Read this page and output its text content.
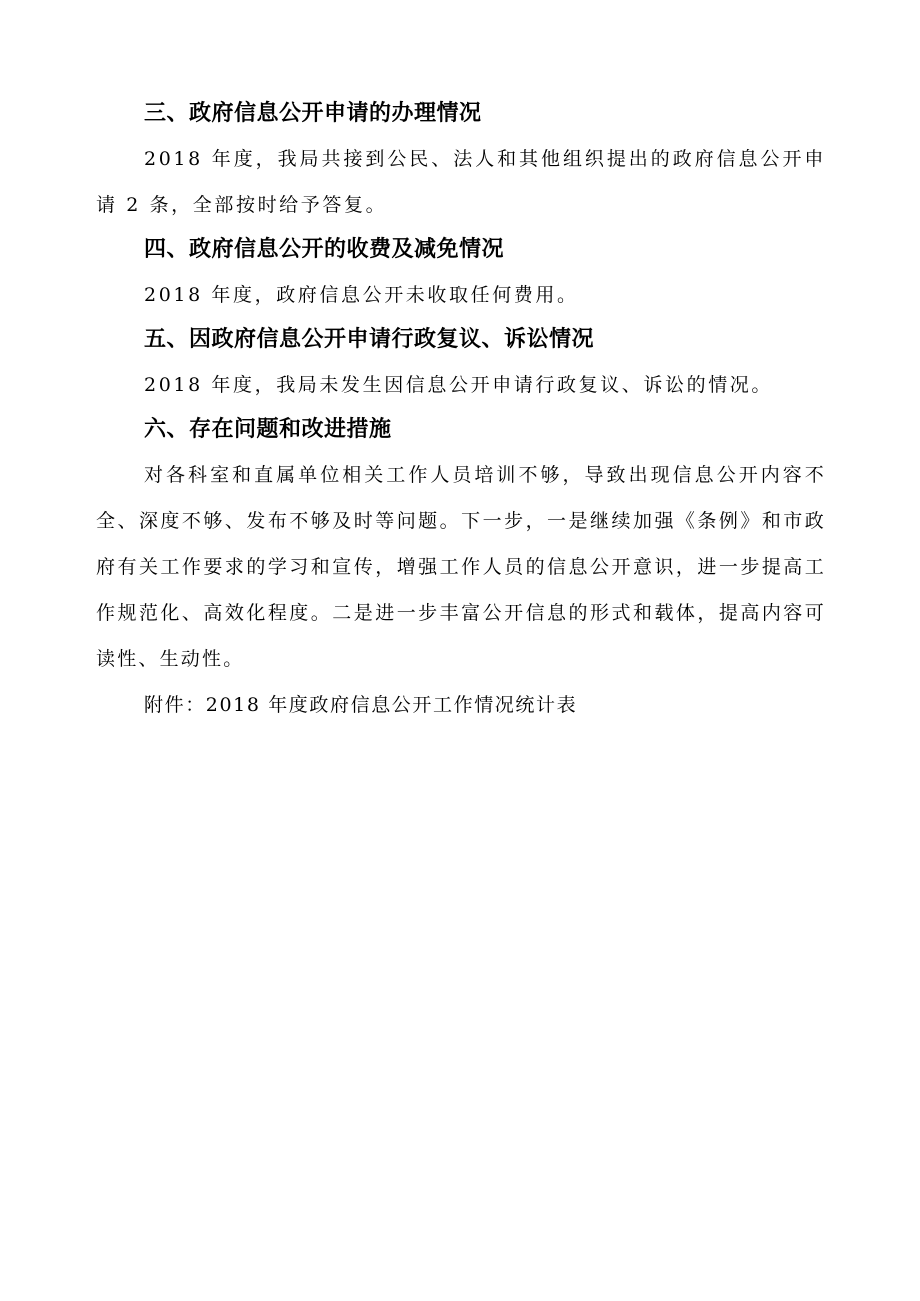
三、政府信息公开申请的办理情况

2018 年度，我局共接到公民、法人和其他组织提出的政府信息公开申请 2 条，全部按时给予答复。

四、政府信息公开的收费及减免情况

2018 年度，政府信息公开未收取任何费用。

五、因政府信息公开申请行政复议、诉讼情况

2018 年度，我局未发生因信息公开申请行政复议、诉讼的情况。

六、存在问题和改进措施

对各科室和直属单位相关工作人员培训不够，导致出现信息公开内容不全、深度不够、发布不够及时等问题。下一步，一是继续加强《条例》和市政府有关工作要求的学习和宣传，增强工作人员的信息公开意识，进一步提高工作规范化、高效化程度。二是进一步丰富公开信息的形式和载体，提高内容可读性、生动性。

附件：2018 年度政府信息公开工作情况统计表
